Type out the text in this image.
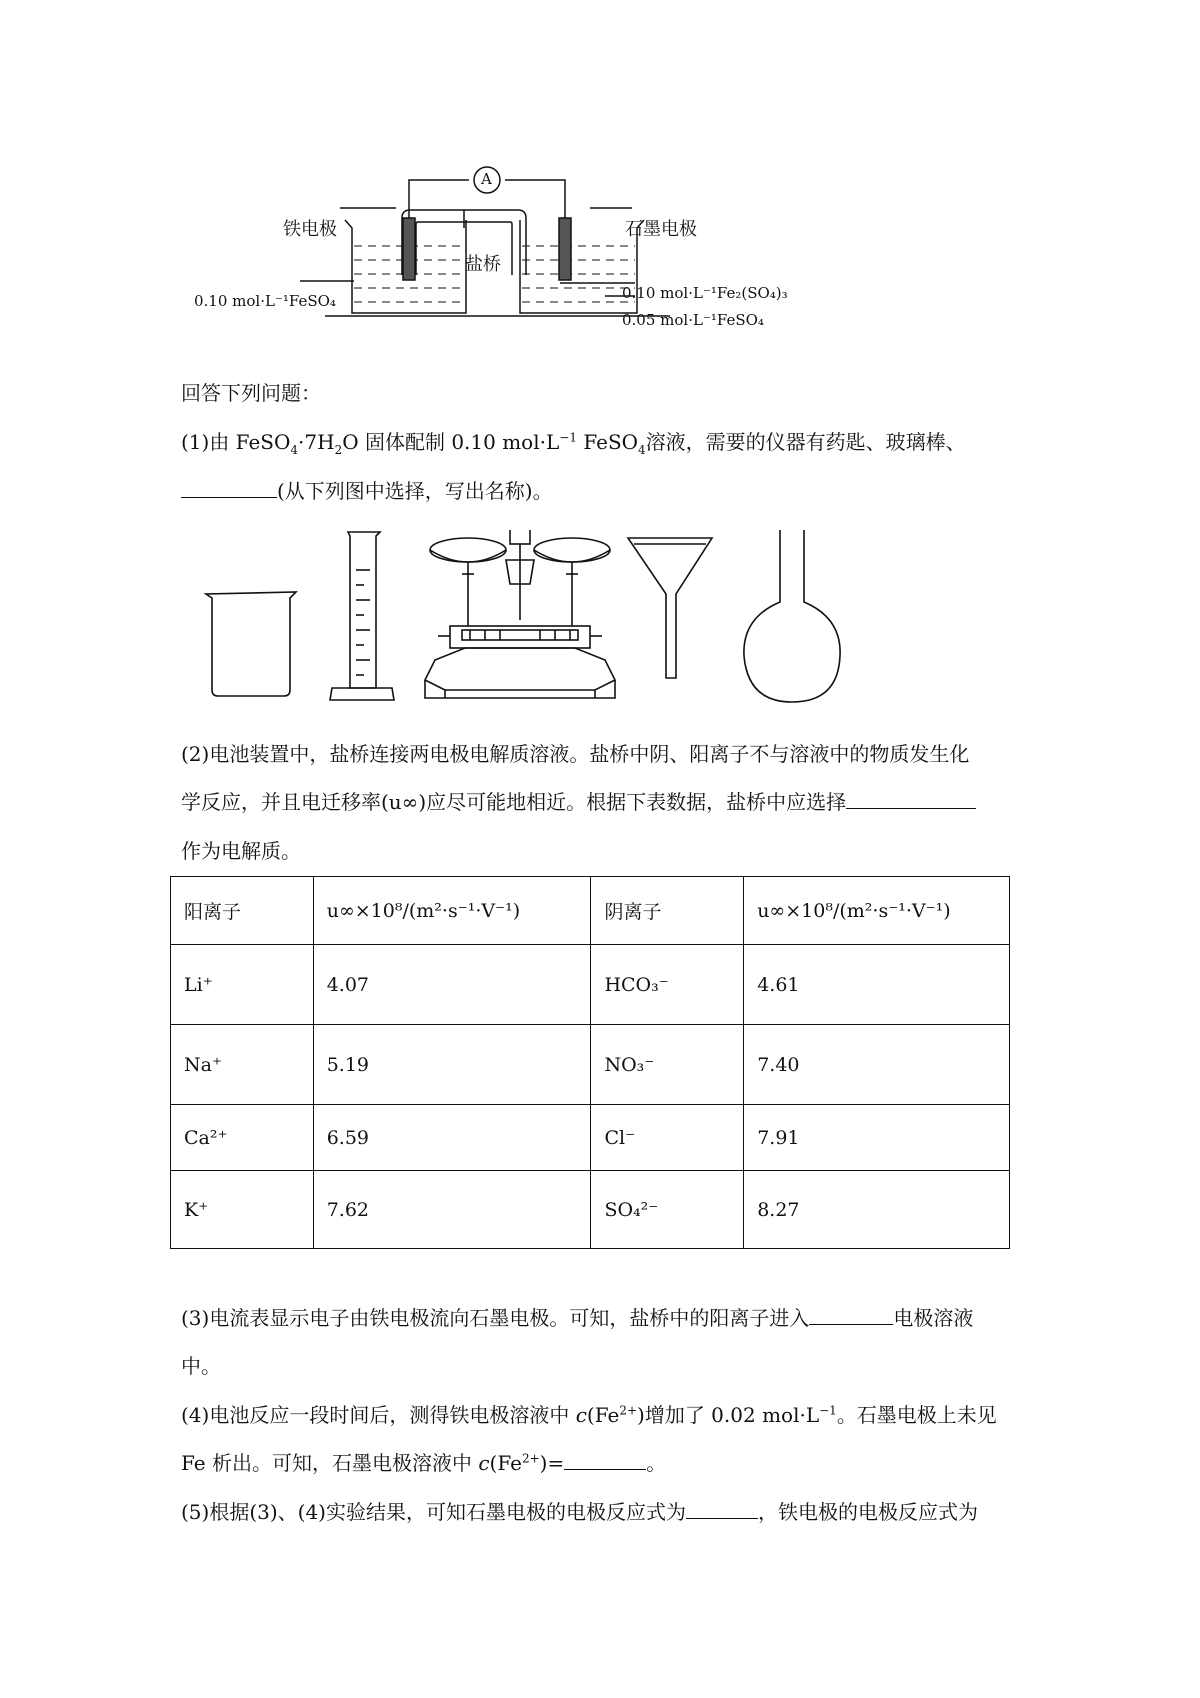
A
铁电极	石墨电极
盐桥
0.10 mol·L⁻¹FeSO₄	0.10 mol·L⁻¹Fe₂(SO₄)₃
0.05 mol·L⁻¹FeSO₄
回答下列问题：
(1)由 $FeSO_4\cdot 7H_2O$ 固体配制 0.10 $mol\cdot L^{-1}$ FeSO$_4$溶液，需要的仪器有药匙、玻璃棒、
(从下列图中选择，写出名称)。
(2)电池装置中，盐桥连接两电极电解质溶液。盐桥中阴、阳离子不与溶液中的物质发生化
学反应，并且电迁移率(u∞)应尽可能地相近。根据下表数据，盐桥中应选择
作为电解质。
阳离子	u∞×10⁸/(m²·s⁻¹·V⁻¹)	阴离子	u∞×10⁸/(m²·s⁻¹·V⁻¹)
Li⁺	4.07	HCO₃⁻	4.61
Na⁺	5.19	NO₃⁻	7.40
Ca²⁺	6.59	Cl⁻	7.91
K⁺	7.62	SO₄²⁻	8.27
(3)电流表显示电子由铁电极流向石墨电极。可知，盐桥中的阳离子进入	电极溶液
中。
(4)电池反应一段时间后，测得铁电极溶液中 $c(Fe^{2+})$增加了 0.02 $mol\cdot L^{-1}$。石墨电极上未见
Fe 析出。可知，石墨电极溶液中 $c(Fe^{2+})=$	。
(5)根据(3)、(4)实验结果，可知石墨电极的电极反应式为	，铁电极的电极反应式为
